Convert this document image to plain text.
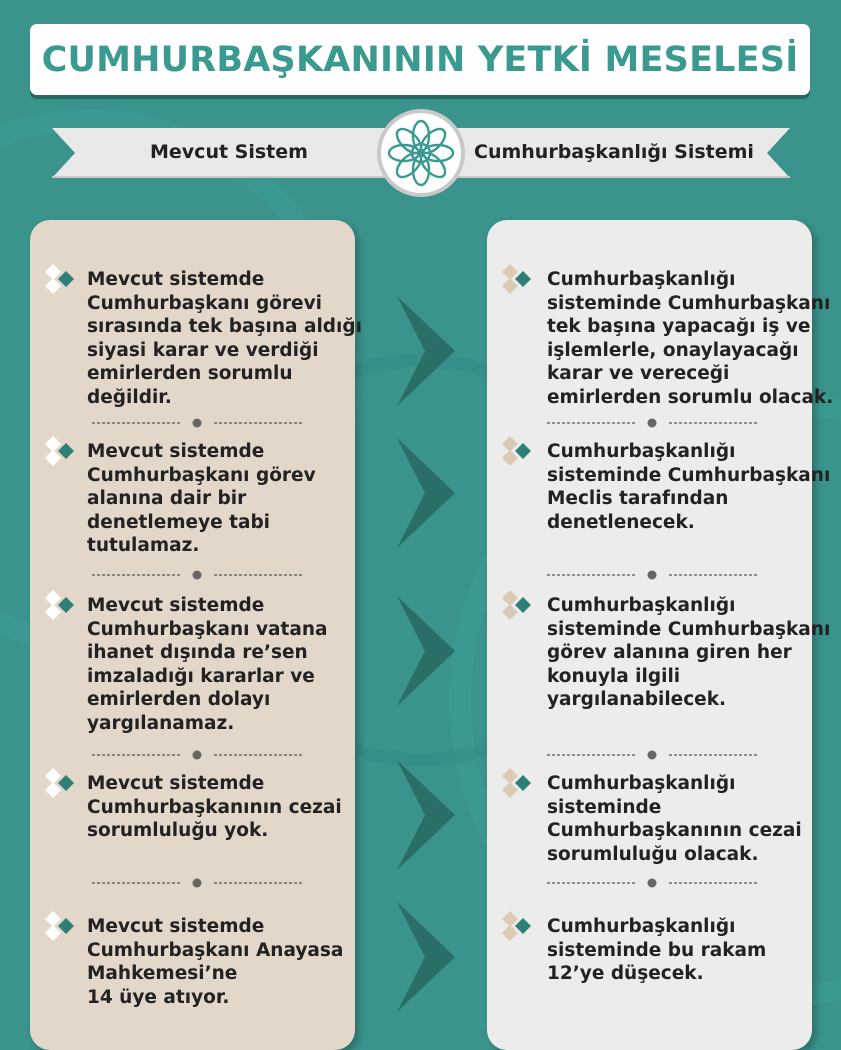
CUMHURBAŞKANININ YETKİ MESELESİ
Mevcut Sistem	Cumhurbaşkanlığı Sistemi
Mevcut sistemde
Cumhurbaşkanı görevi
sırasında tek başına aldığı
siyasi karar ve verdiği
emirlerden sorumlu
değildir.
Mevcut sistemde
Cumhurbaşkanı görev
alanına dair bir
denetlemeye tabi
tutulamaz.
Mevcut sistemde
Cumhurbaşkanı vatana
ihanet dışında re’sen
imzaladığı kararlar ve
emirlerden dolayı
yargılanamaz.
Mevcut sistemde
Cumhurbaşkanının cezai
sorumluluğu yok.
Mevcut sistemde
Cumhurbaşkanı Anayasa
Mahkemesi’ne
14 üye atıyor.
Cumhurbaşkanlığı
sisteminde Cumhurbaşkanı
tek başına yapacağı iş ve
işlemlerle, onaylayacağı
karar ve vereceği
emirlerden sorumlu olacak.
Cumhurbaşkanlığı
sisteminde Cumhurbaşkanı
Meclis tarafından
denetlenecek.
Cumhurbaşkanlığı
sisteminde Cumhurbaşkanı
görev alanına giren her
konuyla ilgili
yargılanabilecek.
Cumhurbaşkanlığı
sisteminde
Cumhurbaşkanının cezai
sorumluluğu olacak.
Cumhurbaşkanlığı
sisteminde bu rakam
12’ye düşecek.
